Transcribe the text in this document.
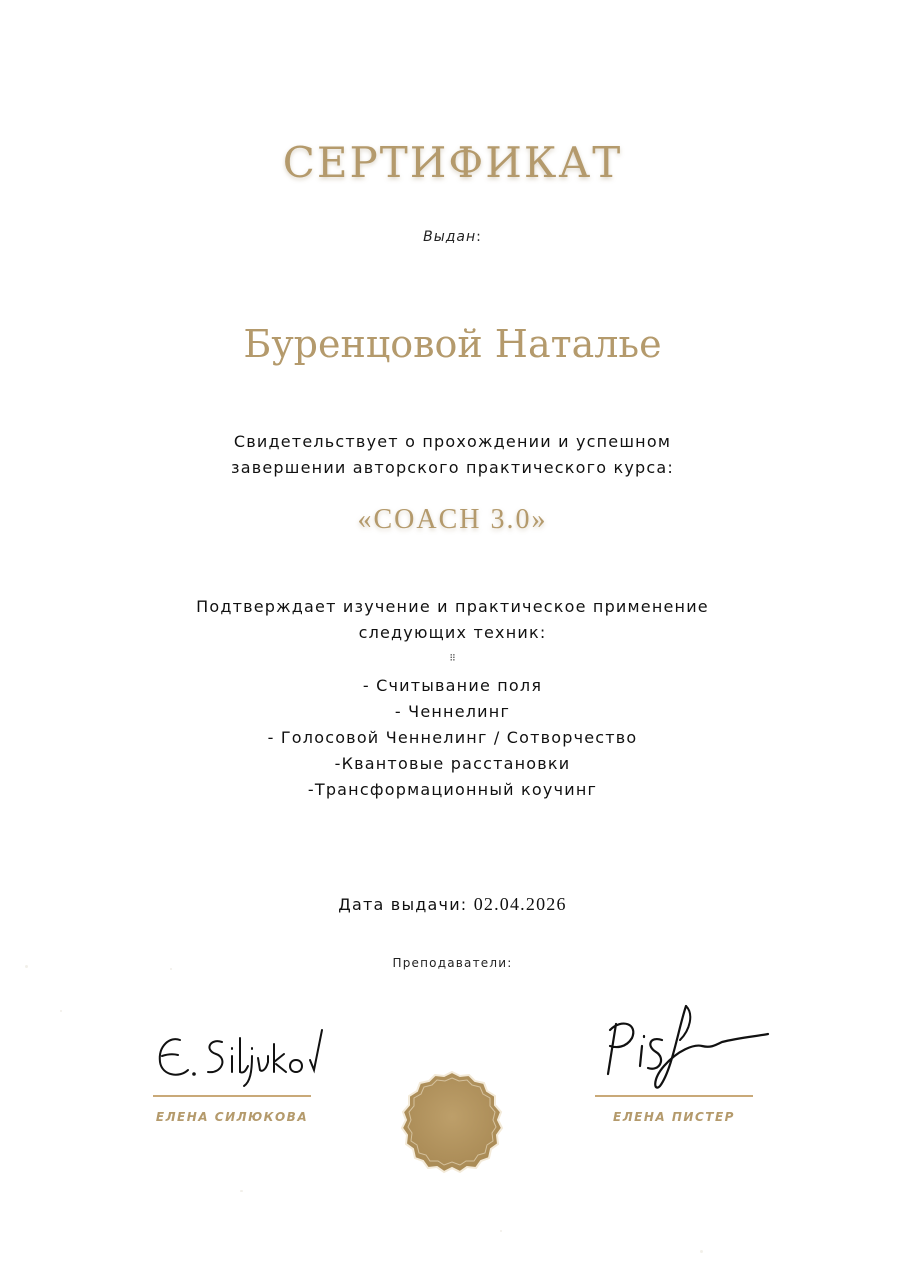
СЕРТИФИКАТ
Выдан:
Буренцовой Наталье
Свидетельствует о прохождении и успешном
завершении авторского практического курса:
«COACH 3.0»
Подтверждает изучение и практическое применение
следующих техник:
⠿
- Считывание поля
- Ченнелинг
- Голосовой Ченнелинг / Сотворчество
-Квантовые расстановки
-Трансформационный коучинг
Дата выдачи: 02.04.2026
Преподаватели:
ЕЛЕНА СИЛЮКОВА	ЕЛЕНА ПИСТЕР
